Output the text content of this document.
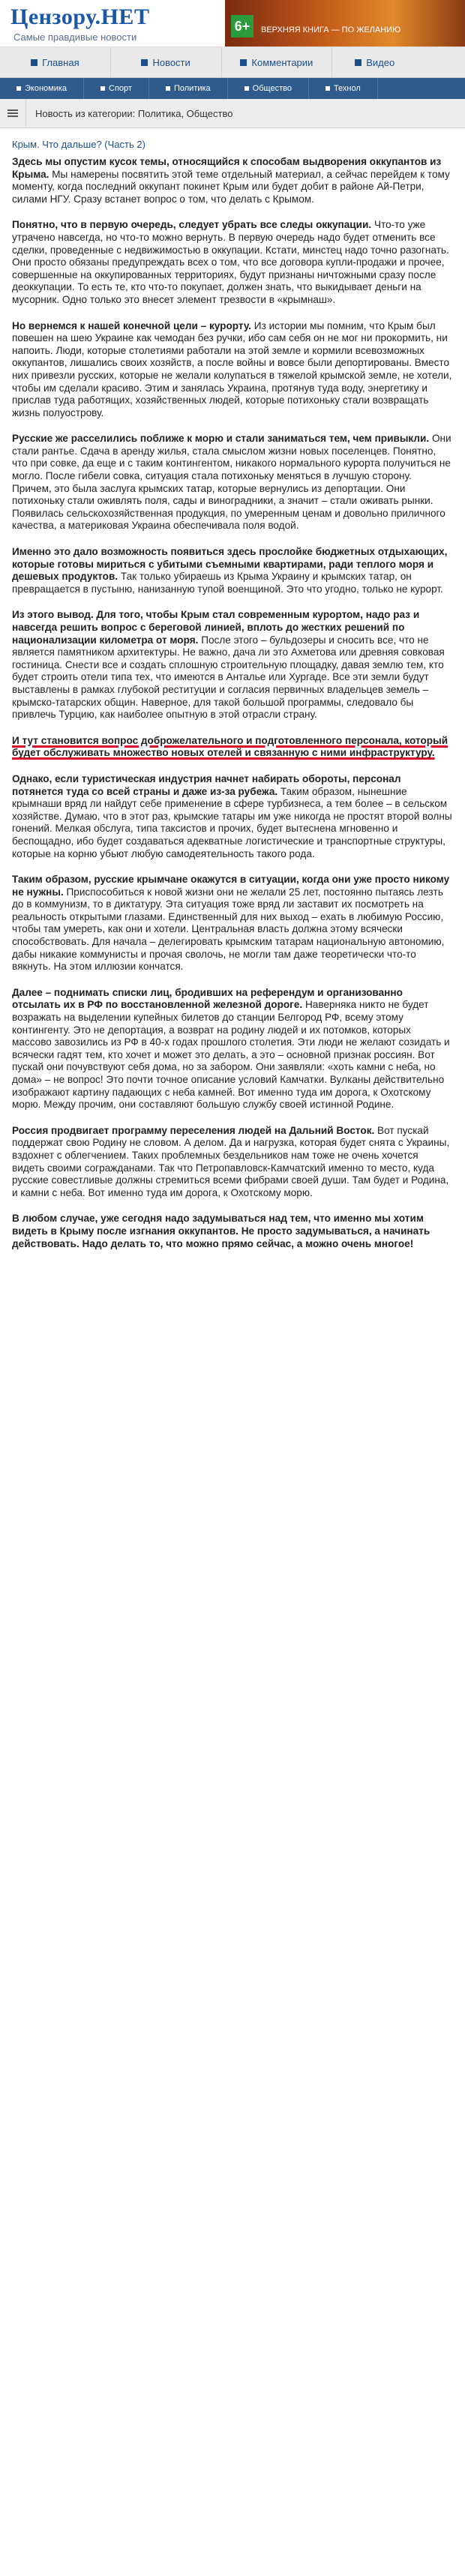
Цензору.НЕТ
Самые правдивые новости
6+	ВЕРХНЯЯ КНИГА — ПО ЖЕЛАНИЮ
Главная	Новости	Комментарии	Видео
Экономика	Спорт	Политика	Общество	Технол
Новость из категории: Политика, Общество
Крым. Что дальше? (Часть 2)

Здесь мы опустим кусок темы, относящийся к способам выдворения оккупантов из Крыма. Мы намерены посвятить этой теме отдельный материал, а сейчас перейдем к тому моменту, когда последний оккупант покинет Крым или будет добит в районе Ай-Петри, силами НГУ. Сразу встанет вопрос о том, что делать с Крымом.

Понятно, что в первую очередь, следует убрать все следы оккупации. Что-то уже утрачено навсегда, но что-то можно вернуть. В первую очередь надо будет отменить все сделки, проведенные с недвижимостью в оккупации. Кстати, минстец надо точно разогнать. Они просто обязаны предупреждать всех о том, что все договора купли-продажи и прочее, совершенные на оккупированных территориях, будут признаны ничтожными сразу после деоккупации. То есть те, кто что-то покупает, должен знать, что выкидывает деньги на мусорник. Одно только это внесет элемент трезвости в «крымнаш».

Но вернемся к нашей конечной цели – курорту. Из истории мы помним, что Крым был повешен на шею Украине как чемодан без ручки, ибо сам себя он не мог ни прокормить, ни напоить. Люди, которые столетиями работали на этой земле и кормили всевозможных оккупантов, лишались своих хозяйств, а после войны и вовсе были депортированы. Вместо них привезли русских, которые не желали колупаться в тяжелой крымской земле, не хотели, чтобы им сделали красиво. Этим и занялась Украина, протянув туда воду, энергетику и прислав туда работящих, хозяйственных людей, которые потихоньку стали возвращать жизнь полуострову.

Русские же расселились поближе к морю и стали заниматься тем, чем привыкли. Они стали рантье. Сдача в аренду жилья, стала смыслом жизни новых поселенцев. Понятно, что при совке, да еще и с таким контингентом, никакого нормального курорта получиться не могло. После гибели совка, ситуация стала потихоньку меняться в лучшую сторону. Причем, это была заслуга крымских татар, которые вернулись из депортации. Они потихоньку стали оживлять поля, сады и виноградники, а значит – стали оживать рынки. Появилась сельскохозяйственная продукция, по умеренным ценам и довольно приличного качества, а материковая Украина обеспечивала поля водой.

Именно это дало возможность появиться здесь прослойке бюджетных отдыхающих, которые готовы мириться с убитыми съемными квартирами, ради теплого моря и дешевых продуктов. Так только убираешь из Крыма Украину и крымских татар, он превращается в пустыню, нанизанную тупой военщиной. Это что угодно, только не курорт.

Из этого вывод. Для того, чтобы Крым стал современным курортом, надо раз и навсегда решить вопрос с береговой линией, вплоть до жестких решений по национализации километра от моря. После этого – бульдозеры и сносить все, что не является памятником архитектуры. Не важно, дача ли это Ахметова или древняя совковая гостиница. Снести все и создать сплошную строительную площадку, давая землю тем, кто будет строить отели типа тех, что имеются в Анталье или Хургаде. Все эти земли будут выставлены в рамках глубокой реституции и согласия первичных владельцев земель – крымско-татарских общин. Наверное, для такой большой программы, следовало бы привлечь Турцию, как наиболее опытную в этой отрасли страну.

И тут становится вопрос доброжелательного и подготовленного персонала, который будет обслуживать множество новых отелей и связанную с ними инфраструктуру.

Однако, если туристическая индустрия начнет набирать обороты, персонал потянется туда со всей страны и даже из-за рубежа. Таким образом, нынешние крымнаши вряд ли найдут себе применение в сфере турбизнеса, а тем более – в сельском хозяйстве. Думаю, что в этот раз, крымские татары им уже никогда не простят второй волны гонений. Мелкая обслуга, типа таксистов и прочих, будет вытеснена мгновенно и беспощадно, ибо будет создаваться адекватные логистические и транспортные структуры, которые на корню убьют любую самодеятельность такого рода.

Таким образом, русские крымчане окажутся в ситуации, когда они уже просто никому не нужны. Приспособиться к новой жизни они не желали 25 лет, постоянно пытаясь лезть до в коммунизм, то в диктатуру. Эта ситуация тоже вряд ли заставит их посмотреть на реальность открытыми глазами. Единственный для них выход – ехать в любимую Россию, чтобы там умереть, как они и хотели. Центральная власть должна этому всячески способствовать. Для начала – делегировать крымским татарам национальную автономию, дабы никакие коммунисты и прочая сволочь, не могли там даже теоретически что-то вякнуть. На этом иллюзии кончатся.

Далее – поднимать списки лиц, бродивших на референдум и организованно отсылать их в РФ по восстановленной железной дороге. Наверняка никто не будет возражать на выделении купейных билетов до станции Белгород РФ, всему этому контингенту. Это не депортация, а возврат на родину людей и их потомков, которых массово завозились из РФ в 40-х годах прошлого столетия. Эти люди не желают созидать и всячески гадят тем, кто хочет и может это делать, а это – основной признак россиян. Вот пускай они почувствуют себя дома, но за забором. Они заявляли: «хоть камни с неба, но дома» – не вопрос! Это почти точное описание условий Камчатки. Вулканы действительно изображают картину падающих с неба камней. Вот именно туда им дорога, к Охотскому морю. Между прочим, они составляют большую службу своей истинной Родине.

Россия продвигает программу переселения людей на Дальний Восток. Вот пускай поддержат свою Родину не словом. А делом. Да и нагрузка, которая будет снята с Украины, вздохнет с облегчением. Таких проблемных бездельников нам тоже не очень хочется видеть своими согражданами. Так что Петропавловск-Камчатский именно то место, куда русские совестливые должны стремиться всеми фибрами своей души. Там будет и Родина, и камни с неба. Вот именно туда им дорога, к Охотскому морю.

В любом случае, уже сегодня надо задумываться над тем, что именно мы хотим видеть в Крыму после изгнания оккупантов. Не просто задумываться, а начинать действовать. Надо делать то, что можно прямо сейчас, а можно очень многое!
